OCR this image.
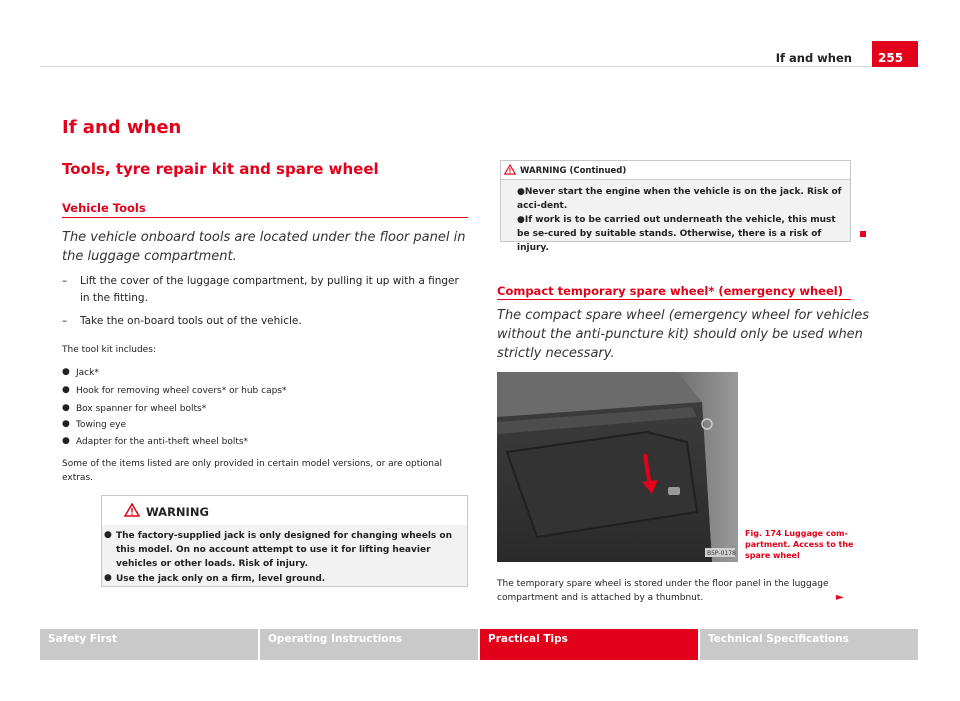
If and when	255
If and when
Tools, tyre repair kit and spare wheel
Vehicle Tools
The vehicle onboard tools are located under the floor panel in the luggage compartment.
– Lift the cover of the luggage compartment, by pulling it up with a finger in the fitting.
– Take the on-board tools out of the vehicle.
The tool kit includes:
● Jack*
● Hook for removing wheel covers* or hub caps*
● Box spanner for wheel bolts*
● Towing eye
● Adapter for the anti-theft wheel bolts*
Some of the items listed are only provided in certain model versions, or are optional extras.
WARNING
● The factory-supplied jack is only designed for changing wheels on this model. On no account attempt to use it for lifting heavier vehicles or other loads. Risk of injury.
● Use the jack only on a firm, level ground.
WARNING (Continued)
●Never start the engine when the vehicle is on the jack. Risk of acci-dent.
●If work is to be carried out underneath the vehicle, this must be se-cured by suitable stands. Otherwise, there is a risk of injury.
Compact temporary spare wheel* (emergency wheel)
The compact spare wheel (emergency wheel for vehicles without the anti-puncture kit) should only be used when strictly necessary.
B5P-0178
Fig. 174 Luggage com-partment. Access to the spare wheel
The temporary spare wheel is stored under the floor panel in the luggage compartment and is attached by a thumbnut.	►
Safety First	Operating Instructions	Practical Tips	Technical Specifications
